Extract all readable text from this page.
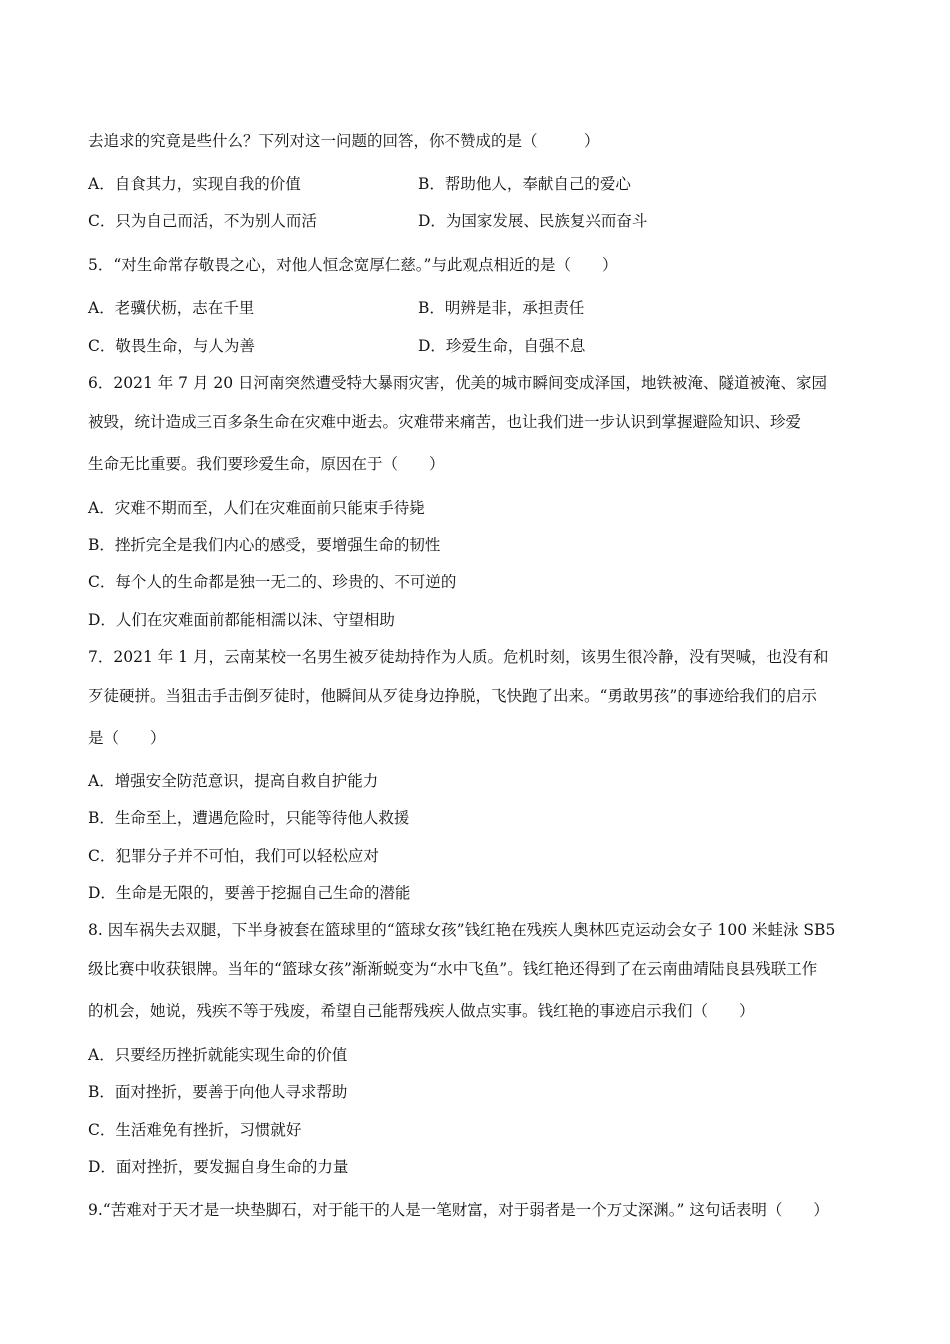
去追求的究竟是些什么？下列对这一问题的回答，你不赞成的是（　　　）
A．自食其力，实现自我的价值	B．帮助他人，奉献自己的爱心
C．只为自己而活，不为别人而活	D．为国家发展、民族复兴而奋斗
5．“对生命常存敬畏之心，对他人恒念宽厚仁慈。”与此观点相近的是（　　）
A．老骥伏枥，志在千里	B．明辨是非，承担责任
C．敬畏生命，与人为善	D．珍爱生命，自强不息
6．2021 年 7 月 20 日河南突然遭受特大暴雨灾害，优美的城市瞬间变成泽国，地铁被淹、隧道被淹、家园
被毁，统计造成三百多条生命在灾难中逝去。灾难带来痛苦，也让我们进一步认识到掌握避险知识、珍爱
生命无比重要。我们要珍爱生命，原因在于（　　）
A．灾难不期而至，人们在灾难面前只能束手待毙
B．挫折完全是我们内心的感受，要增强生命的韧性
C．每个人的生命都是独一无二的、珍贵的、不可逆的
D．人们在灾难面前都能相濡以沫、守望相助
7．2021 年 1 月，云南某校一名男生被歹徒劫持作为人质。危机时刻，该男生很冷静，没有哭喊，也没有和
歹徒硬拼。当狙击手击倒歹徒时，他瞬间从歹徒身边挣脱，飞快跑了出来。“勇敢男孩”的事迹给我们的启示
是（　　）
A．增强安全防范意识，提高自救自护能力
B．生命至上，遭遇危险时，只能等待他人救援
C．犯罪分子并不可怕，我们可以轻松应对
D．生命是无限的，要善于挖掘自己生命的潜能
8. 因车祸失去双腿，下半身被套在篮球里的“篮球女孩”钱红艳在残疾人奥林匹克运动会女子 100 米蛙泳 SB5
级比赛中收获银牌。当年的“篮球女孩”渐渐蜕变为“水中飞鱼”。钱红艳还得到了在云南曲靖陆良县残联工作
的机会，她说，残疾不等于残废，希望自己能帮残疾人做点实事。钱红艳的事迹启示我们（　　）
A．只要经历挫折就能实现生命的价值
B．面对挫折，要善于向他人寻求帮助
C．生活难免有挫折，习惯就好
D．面对挫折，要发掘自身生命的力量
9.“苦难对于天才是一块垫脚石，对于能干的人是一笔财富，对于弱者是一个万丈深渊。” 这句话表明（　　）
